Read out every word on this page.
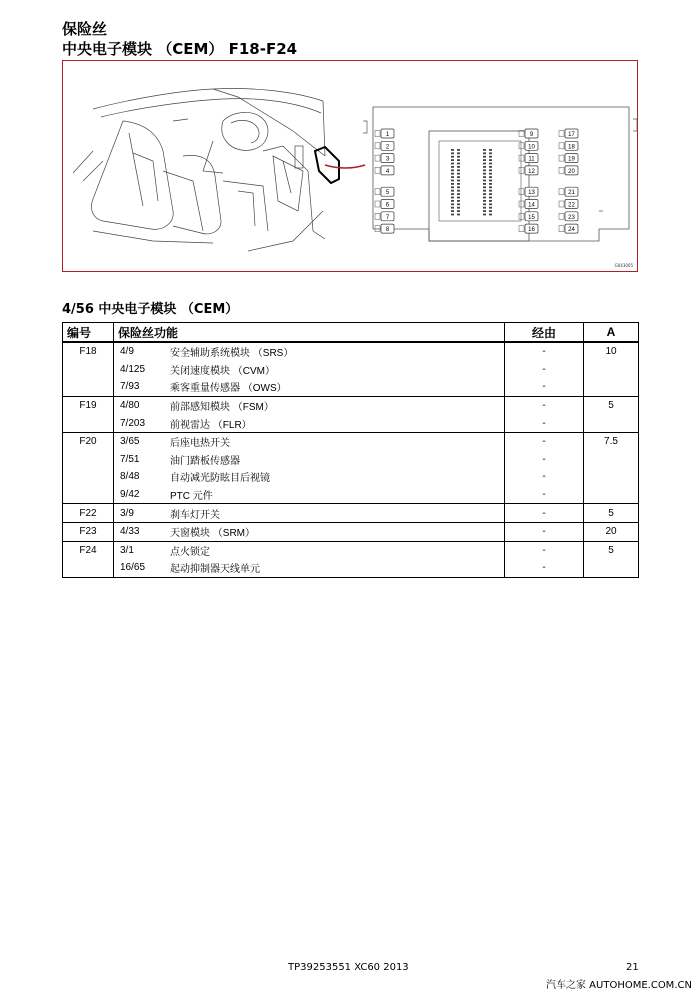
保险丝
中央电子模块 （CEM） F18-F24
1
2
3
4
5
6
7
8
9
10
11
12
13
14
15
16
17
18
19
20
21
22
23
24
G043005
4/56 中央电子模块 （CEM）
编号	保险丝功能		经由	A
F18	4/9	安全辅助系统模块 （SRS）	-	10
	4/125	关闭速度模块 （CVM）	-	
	7/93	乘客重量传感器 （OWS）	-	
F19	4/80	前部感知模块 （FSM）	-	5
	7/203	前视雷达 （FLR）	-	
F20	3/65	后座电热开关	-	7.5
	7/51	油门踏板传感器	-	
	8/48	自动减光防眩目后视镜	-	
	9/42	PTC 元件	-	
F22	3/9	刹车灯开关	-	5
F23	4/33	天窗模块 （SRM）	-	20
F24	3/1	点火锁定	-	5
	16/65	起动抑制器天线单元	-	
TP39253551 XC60 2013	21
汽车之家 AUTOHOME.COM.CN
